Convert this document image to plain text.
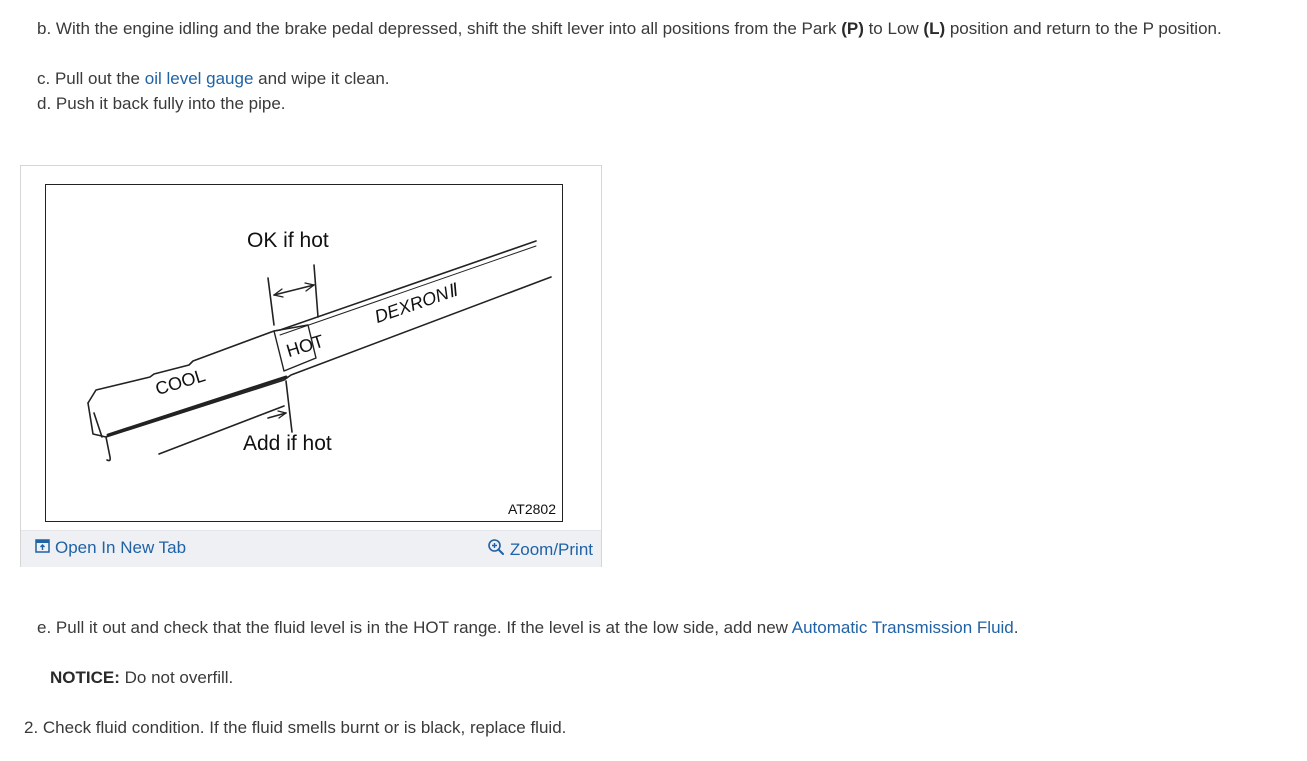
b. With the engine idling and the brake pedal depressed, shift the shift lever into all positions from the Park (P) to Low (L) position and return to the P position.

c. Pull out the oil level gauge and wipe it clean.

d. Push it back fully into the pipe.

OK if hot
Add if hot
COOL
HOT
DEXRONⅡ
AT2802
Open In New Tab	Zoom/Print

e. Pull it out and check that the fluid level is in the HOT range. If the level is at the low side, add new Automatic Transmission Fluid.

NOTICE: Do not overfill.

2. Check fluid condition. If the fluid smells burnt or is black, replace fluid.
